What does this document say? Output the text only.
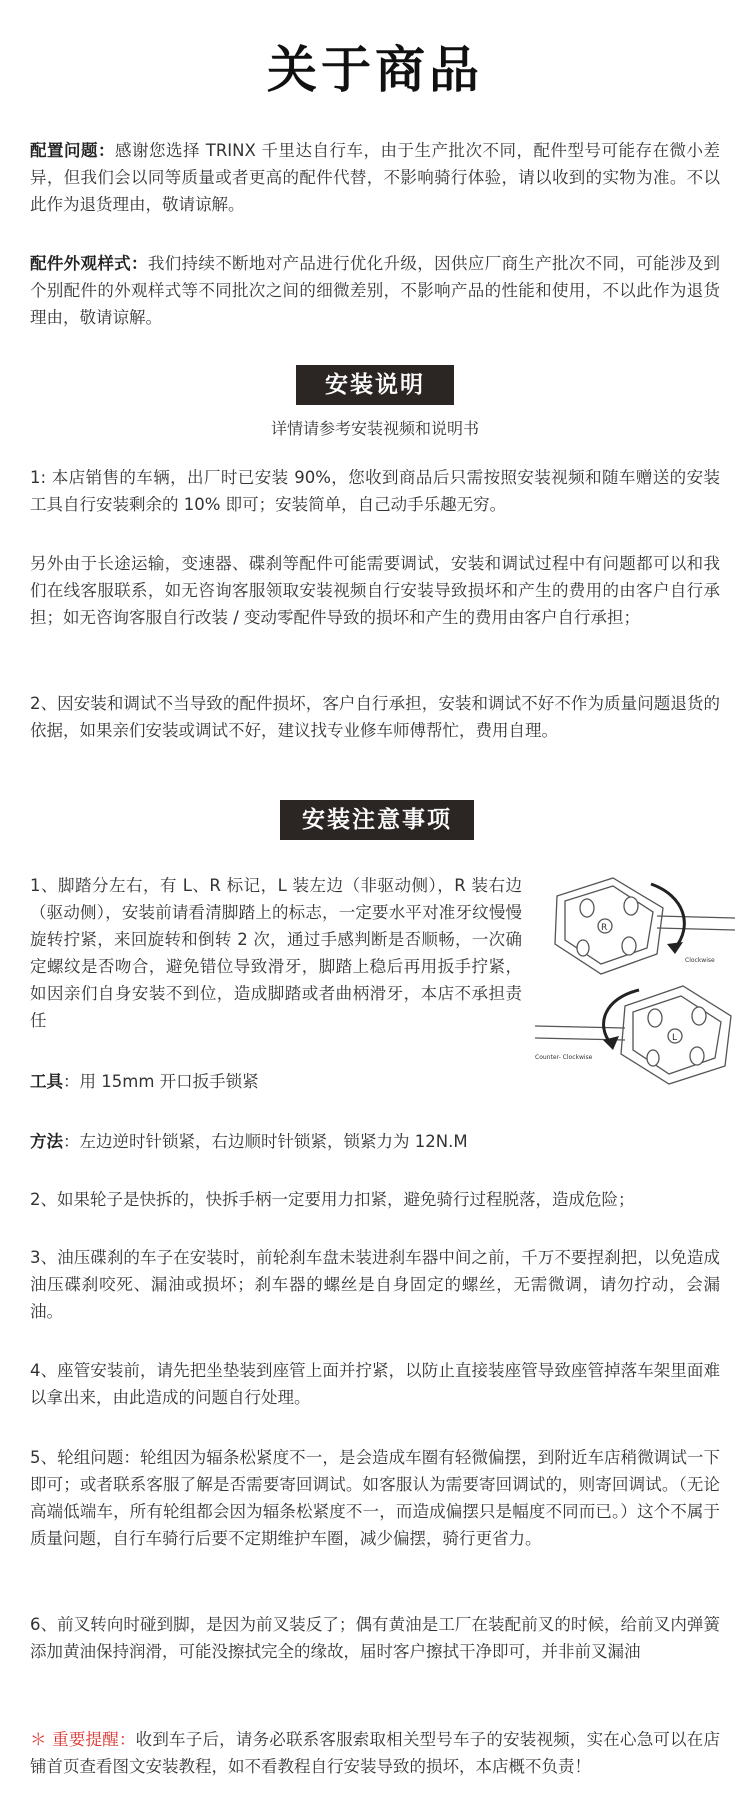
关于商品
配置问题：感谢您选择 TRINX 千里达自行车，由于生产批次不同，配件型号可能存在微小差异，但我们会以同等质量或者更高的配件代替，不影响骑行体验，请以收到的实物为准。不以此作为退货理由，敬请谅解。
配件外观样式：我们持续不断地对产品进行优化升级，因供应厂商生产批次不同，可能涉及到个别配件的外观样式等不同批次之间的细微差别，不影响产品的性能和使用，不以此作为退货理由，敬请谅解。
安装说明
详情请参考安装视频和说明书
1: 本店销售的车辆，出厂时已安装 90%，您收到商品后只需按照安装视频和随车赠送的安装工具自行安装剩余的 10% 即可；安装简单，自己动手乐趣无穷。
另外由于长途运输，变速器、碟刹等配件可能需要调试，安装和调试过程中有问题都可以和我们在线客服联系，如无咨询客服领取安装视频自行安装导致损坏和产生的费用的由客户自行承担；如无咨询客服自行改装 / 变动零配件导致的损坏和产生的费用由客户自行承担；
2、因安装和调试不当导致的配件损坏，客户自行承担，安装和调试不好不作为质量问题退货的依据，如果亲们安装或调试不好，建议找专业修车师傅帮忙，费用自理。
安装注意事项
1、脚踏分左右，有 L、R 标记，L 装左边（非驱动侧），R 装右边（驱动侧），安装前请看清脚踏上的标志，一定要水平对准牙纹慢慢旋转拧紧，来回旋转和倒转 2 次，通过手感判断是否顺畅，一次确定螺纹是否吻合，避免错位导致滑牙，脚踏上稳后再用扳手拧紧，如因亲们自身安装不到位，造成脚踏或者曲柄滑牙，本店不承担责任
R
Clockwise
L
Counter- Clockwise
工具：用 15mm 开口扳手锁紧
方法：左边逆时针锁紧，右边顺时针锁紧，锁紧力为 12N.M
2、如果轮子是快拆的，快拆手柄一定要用力扣紧，避免骑行过程脱落，造成危险；
3、油压碟刹的车子在安装时，前轮刹车盘未装进刹车器中间之前，千万不要捏刹把，以免造成油压碟刹咬死、漏油或损坏；刹车器的螺丝是自身固定的螺丝，无需微调，请勿拧动，会漏油。
4、座管安装前，请先把坐垫装到座管上面并拧紧，以防止直接装座管导致座管掉落车架里面难以拿出来，由此造成的问题自行处理。
5、轮组问题：轮组因为辐条松紧度不一，是会造成车圈有轻微偏摆，到附近车店稍微调试一下即可；或者联系客服了解是否需要寄回调试。如客服认为需要寄回调试的，则寄回调试。（无论高端低端车，所有轮组都会因为辐条松紧度不一，而造成偏摆只是幅度不同而已。）这个不属于质量问题，自行车骑行后要不定期维护车圈，减少偏摆，骑行更省力。
6、前叉转向时碰到脚，是因为前叉装反了；偶有黄油是工厂在装配前叉的时候，给前叉内弹簧添加黄油保持润滑，可能没擦拭完全的缘故，届时客户擦拭干净即可，并非前叉漏油
＊ 重要提醒：收到车子后，请务必联系客服索取相关型号车子的安装视频，实在心急可以在店铺首页查看图文安装教程，如不看教程自行安装导致的损坏，本店概不负责！
